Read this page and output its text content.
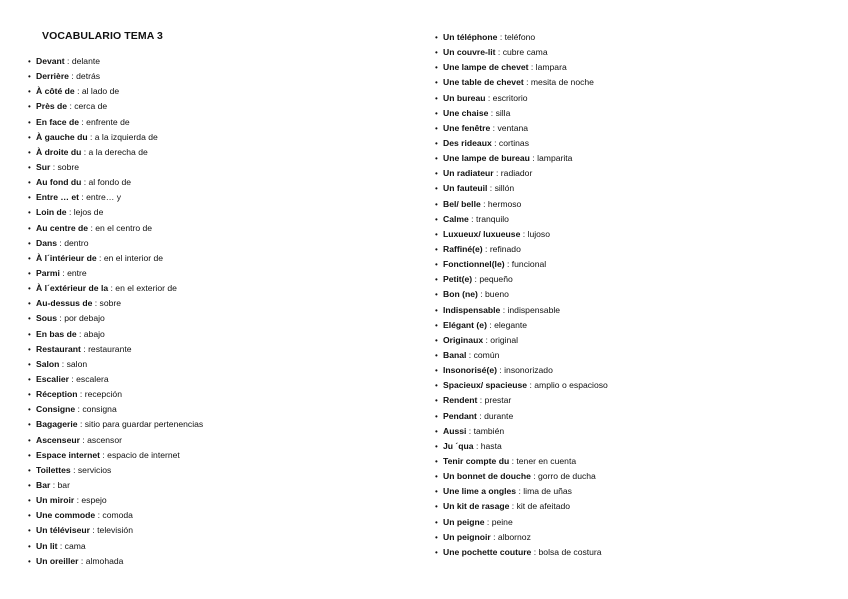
VOCABULARIO TEMA 3
• Devant : delante
• Derrière : detrás
• À côté de : al lado de
• Près de : cerca de
• En face de : enfrente de
• À gauche du : a la izquierda de
• À droite du : a la derecha de
• Sur : sobre
• Au fond du : al fondo de
• Entre … et : entre… y
• Loin de : lejos de
• Au centre de : en el centro de
• Dans : dentro
• À l´intérieur de : en el interior de
• Parmi : entre
• À l´extérieur de la : en el exterior de
• Au-dessus de : sobre
• Sous : por debajo
• En bas de : abajo
• Restaurant : restaurante
• Salon : salon
• Escalier : escalera
• Réception : recepción
• Consigne : consigna
• Bagagerie : sitio para guardar pertenencias
• Ascenseur : ascensor
• Espace internet : espacio de internet
• Toilettes : servicios
• Bar : bar
• Un miroir : espejo
• Une commode : comoda
• Un téléviseur : televisión
• Un lit : cama
• Un oreiller : almohada
• Un téléphone : teléfono
• Un couvre-lit : cubre cama
• Une lampe de chevet : lampara
• Une table de chevet : mesita de noche
• Un bureau : escritorio
• Une chaise : silla
• Une fenêtre : ventana
• Des rideaux : cortinas
• Une lampe de bureau : lamparita
• Un radiateur : radiador
• Un fauteuil : sillón
• Bel/ belle : hermoso
• Calme : tranquilo
• Luxueux/ luxueuse : lujoso
• Raffiné(e) : refinado
• Fonctionnel(le) : funcional
• Petit(e) : pequeño
• Bon (ne) : bueno
• Indispensable : indispensable
• Elégant (e) : elegante
• Originaux : original
• Banal : común
• Insonorisé(e) : insonorizado
• Spacieux/ spacieuse : amplio o espacioso
• Rendent : prestar
• Pendant : durante
• Aussi : también
• Ju ´qua : hasta
• Tenir compte du : tener en cuenta
• Un bonnet de douche : gorro de ducha
• Une lime a ongles : lima de uñas
• Un kit de rasage : kit de afeitado
• Un peigne : peine
• Un peignoir : albornoz
• Une pochette couture : bolsa de costura
